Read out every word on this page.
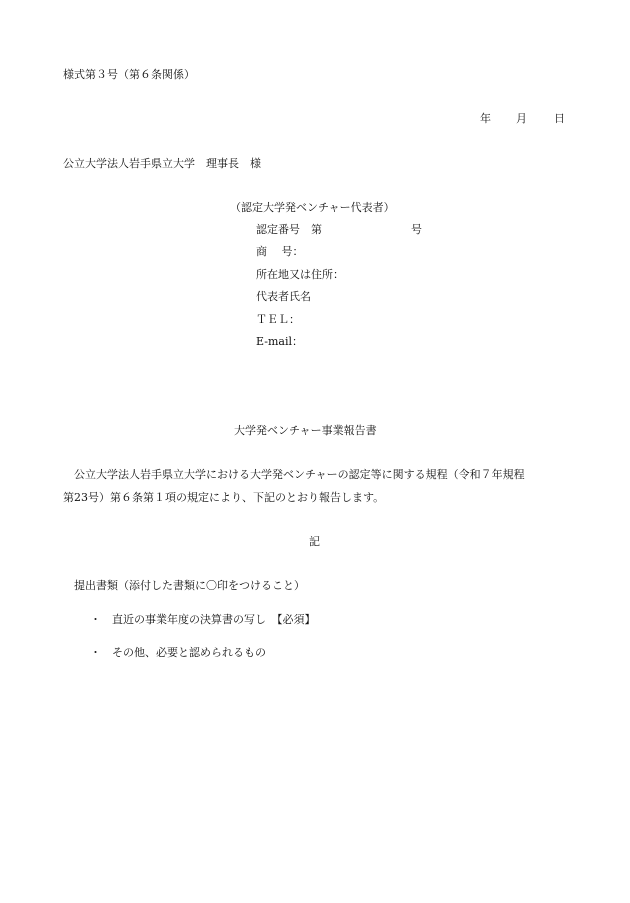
様式第３号（第６条関係）
年 月 日
公立大学法人岩手県立大学　理事長　様
（認定大学発ベンチャー代表者）
認定番号　第	号
商　 号：
所在地又は住所：
代表者氏名
ＴＥＬ：
E-mail：
大学発ベンチャー事業報告書
公立大学法人岩手県立大学における大学発ベンチャーの認定等に関する規程（令和７年規程
第23号）第６条第１項の規定により、下記のとおり報告します。
記
提出書類（添付した書類に〇印をつけること）
・ 直近の事業年度の決算書の写し　【必須】
・ その他、必要と認められるもの
